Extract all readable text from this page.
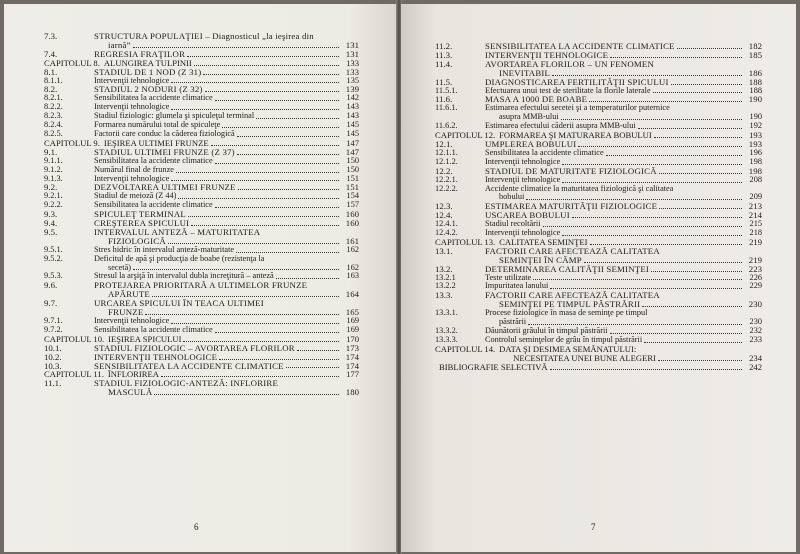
7.3.	STRUCTURA POPULAŢIEI – Diagnosticul „la ieşirea din
iarnă”	131
7.4.	REGRESIA FRAŢILOR	131
CAPITOLUL 8. ALUNGIREA TULPINII	133
8.1.	STADIUL DE 1 NOD (Z 31)	133
8.1.1.	Intervenţii tehnologice	135
8.2.	STADIUL 2 NODURI (Z 32)	139
8.2.1.	Sensibilitatea la accidente climatice	142
8.2.2.	Intervenţii tehnologice	143
8.2.3.	Stadiul fiziologic: glumela şi spiculeţul terminal	143
8.2.4.	Formarea numărului total de spiculeţe	145
8.2.5.	Factorii care conduc la căderea fiziologică	145
CAPITOLUL 9. IEŞIREA ULTIMEI FRUNZE	147
9.1.	STADIUL ULTIMEI FRUNZE (Z 37)	147
9.1.1.	Sensibilitatea la accidente climatice	150
9.1.2.	Numărul final de frunze	150
9.1.3.	Intervenţii tehnologice	151
9.2.	DEZVOLTAREA ULTIMEI FRUNZE	151
9.2.1.	Stadiul de meioză (Z 44)	154
9.2.2.	Sensibilitatea la accidente climatice	157
9.3.	SPICULEŢ TERMINAL	160
9.4.	CREŞTEREA SPICULUI	160
9.5.	INTERVALUL ANTEZĂ – MATURITATEA
FIZIOLOGICĂ	161
9.5.1.	Stres hidric în intervalul anteză-maturitate	162
9.5.2.	Deficitul de apă şi producţia de boabe (rezistenţa la
secetă)	162
9.5.3.	Stresul la arşiţă în intervalul dubla increţitură – anteză	163
9.6.	PROTEJAREA PRIORITARĂ A ULTIMELOR FRUNZE
APĂRUTE	164
9.7.	URCAREA SPICULUI ÎN TEACA ULTIMEI
FRUNZE	165
9.7.1.	Intervenţii tehnologice	169
9.7.2.	Sensibilitatea la accidente climatice	169
CAPITOLUL 10. IEŞIREA SPICULUI	170
10.1.	STADIUL FIZIOLOGIC – AVORTAREA FLORILOR	173
10.2.	INTERVENŢII TEHNOLOGICE	174
10.3.	SENSIBILITATEA LA ACCIDENTE CLIMATICE	174
CAPITOLUL 11. ÎNFLORIREA	177
11.1.	STADIUL FIZIOLOGIC-ANTEZĂ: INFLORIRE
MASCULĂ	180
6
11.2.	SENSIBILITATEA LA ACCIDENTE CLIMATICE	182
11.3.	INTERVENŢII TEHNOLOGICE	185
11.4.	AVORTAREA FLORILOR – UN FENOMEN
INEVITABIL	186
11.5.	DIAGNOSTICAREA FERTILITĂŢII SPICULUI	188
11.5.1.	Efectuarea unui test de sterilitate la florile laterale	188
11.6.	MASA A 1000 DE BOABE	190
11.6.1.	Estimarea efectului secetei şi a temperaturilor puternice
asupra MMB-ului	190
11.6.2.	Estimarea efectului căderii asupra MMB-ului	192
CAPITOLUL 12. FORMAREA ŞI MATURAREA BOBULUI	193
12.1.	UMPLEREA BOBULUI	193
12.1.1.	Sensibilitatea la accidente climatice	196
12.1.2.	Intervenţii tehnologice	198
12.2.	STADIUL DE MATURITATE FIZIOLOGICĂ	198
12.2.1.	Intervenţii tehnologice	208
12.2.2.	Accidente climatice la maturitatea fiziologică şi calitatea
bobului	209
12.3.	ESTIMAREA MATURITĂŢII FIZIOLOGICE	213
12.4.	USCAREA BOBULUI	214
12.4.1.	Stadiul recoltării	215
12.4.2.	Intervenţii tehnologice	218
CAPITOLUL 13. CALITATEA SEMINŢEI	219
13.1.	FACTORII CARE AFECTEAZĂ CALITATEA
SEMINŢEI ÎN CÂMP	219
13.2.	DETERMINAREA CALITĂŢII SEMINŢEI	223
13.2.1	Teste utilizate	226
13.2.2	Impuritatea lanului	229
13.3.	FACTORII CARE AFECTEAZĂ CALITATEA
SEMINŢEI PE TIMPUL PĂSTRĂRII	230
13.3.1.	Procese fiziologice în masa de seminţe pe timpul
păstrării	230
13.3.2.	Dăunătorii grâului în timpul păstrării	232
13.3.3.	Controlul seminţelor de grâu în timpul păstrării	233
CAPITOLUL 14. DATA ŞI DESIMEA SEMĂNATULUI:
NECESITATEA UNEI BUNE ALEGERI	234
BIBLIOGRAFIE SELECTIVĂ	242
7
